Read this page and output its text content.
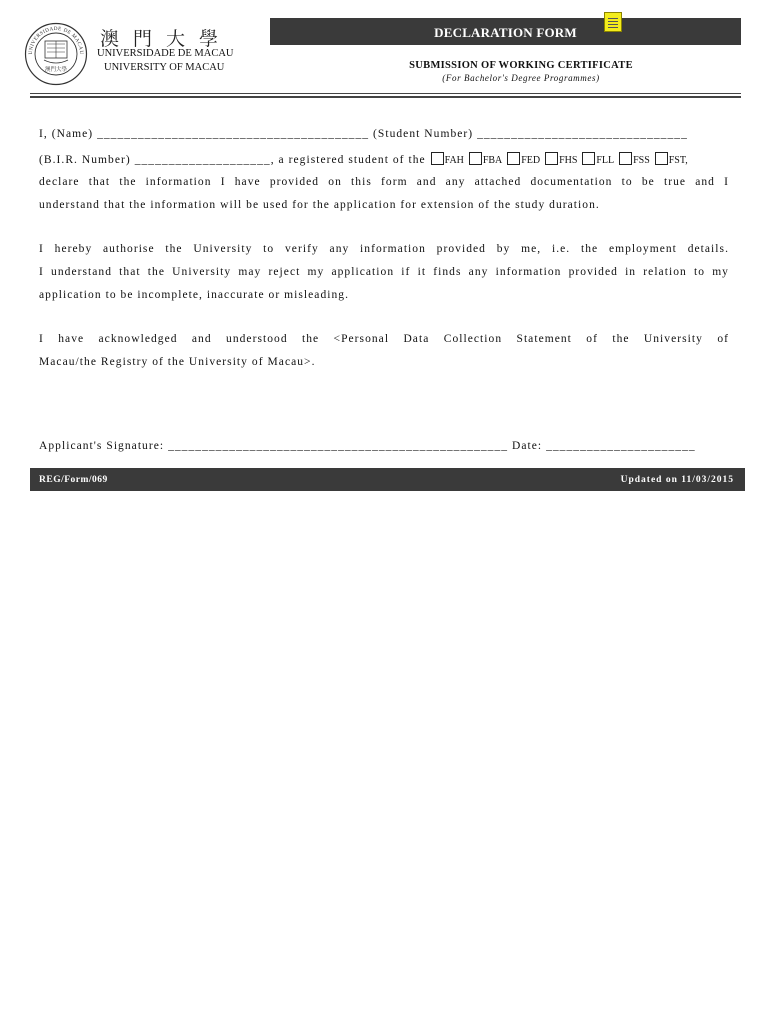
UNIVERSIDADE DE MACAU
澳門大學
澳門大學
UNIVERSIDADE DE MACAU
UNIVERSITY OF MACAU
DECLARATION FORM
SUBMISSION OF WORKING CERTIFICATE
(For Bachelor's Degree Programmes)
I, (Name) ________________________________________ (Student Number) _______________________________
(B.I.R. Number) ____________________, a registered student of the FAH FBA FED FHS FLL FSS FST,
declare that the information I have provided on this form and any attached documentation to be true and I
understand that the information will be used for the application for extension of the study duration.
I hereby authorise the University to verify any information provided by me, i.e. the employment details.
I understand that the University may reject my application if it finds any information provided in relation to my
application to be incomplete, inaccurate or misleading.
I have acknowledged and understood the <Personal Data Collection Statement of the University of
Macau/the Registry of the University of Macau>.
Applicant's Signature: __________________________________________________ Date: ______________________
REG/Form/069	Updated on 11/03/2015
